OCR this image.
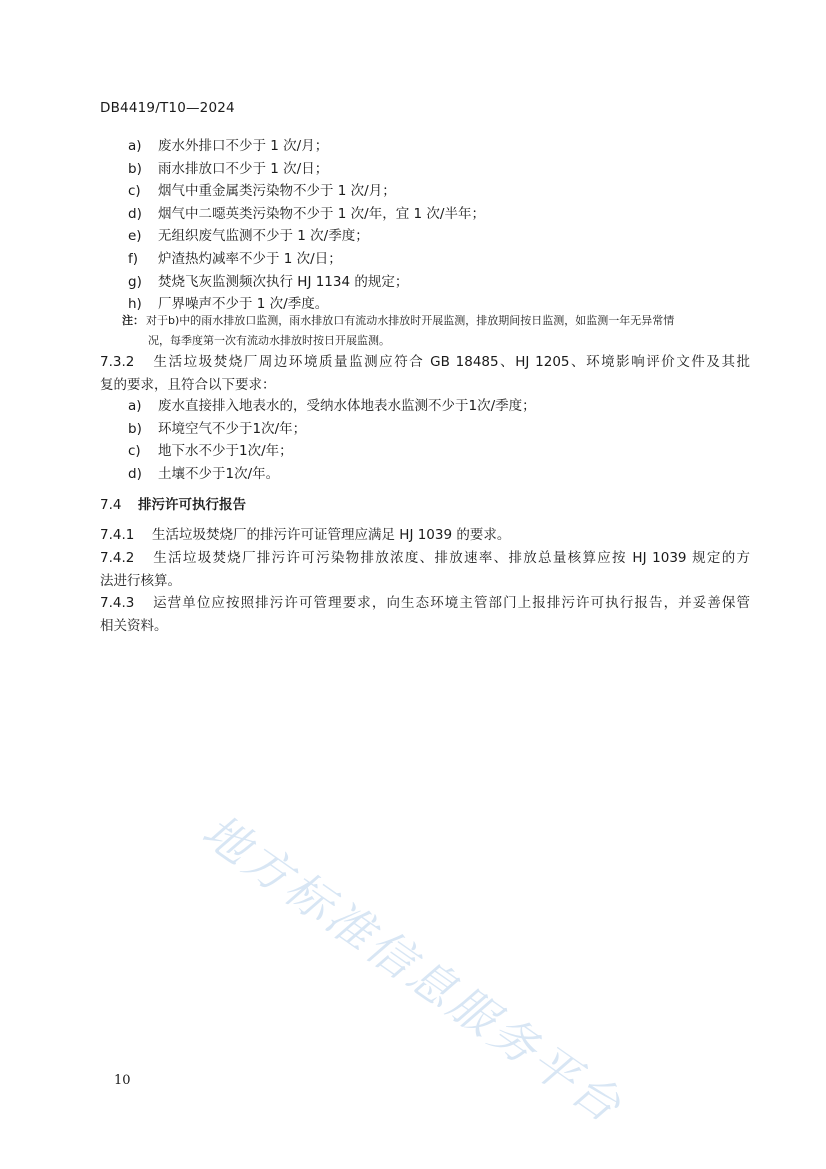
DB4419/T10—2024
a) 废水外排口不少于 1 次/月；
b) 雨水排放口不少于 1 次/日；
c) 烟气中重金属类污染物不少于 1 次/月；
d) 烟气中二噁英类污染物不少于 1 次/年，宜 1 次/半年；
e) 无组织废气监测不少于 1 次/季度；
f) 炉渣热灼减率不少于 1 次/日；
g) 焚烧飞灰监测频次执行 HJ 1134 的规定；
h) 厂界噪声不少于 1 次/季度。
注： 对于b)中的雨水排放口监测，雨水排放口有流动水排放时开展监测，排放期间按日监测，如监测一年无异常情
况，每季度第一次有流动水排放时按日开展监测。
7.3.2 生活垃圾焚烧厂周边环境质量监测应符合 GB 18485、HJ 1205、环境影响评价文件及其批
复的要求，且符合以下要求：
a) 废水直接排入地表水的，受纳水体地表水监测不少于1次/季度；
b) 环境空气不少于1次/年；
c) 地下水不少于1次/年；
d) 土壤不少于1次/年。
7.4 排污许可执行报告
7.4.1 生活垃圾焚烧厂的排污许可证管理应满足 HJ 1039 的要求。
7.4.2 生活垃圾焚烧厂排污许可污染物排放浓度、排放速率、排放总量核算应按 HJ 1039 规定的方
法进行核算。
7.4.3 运营单位应按照排污许可管理要求，向生态环境主管部门上报排污许可执行报告，并妥善保管
相关资料。
地方标准信息服务平台
10
